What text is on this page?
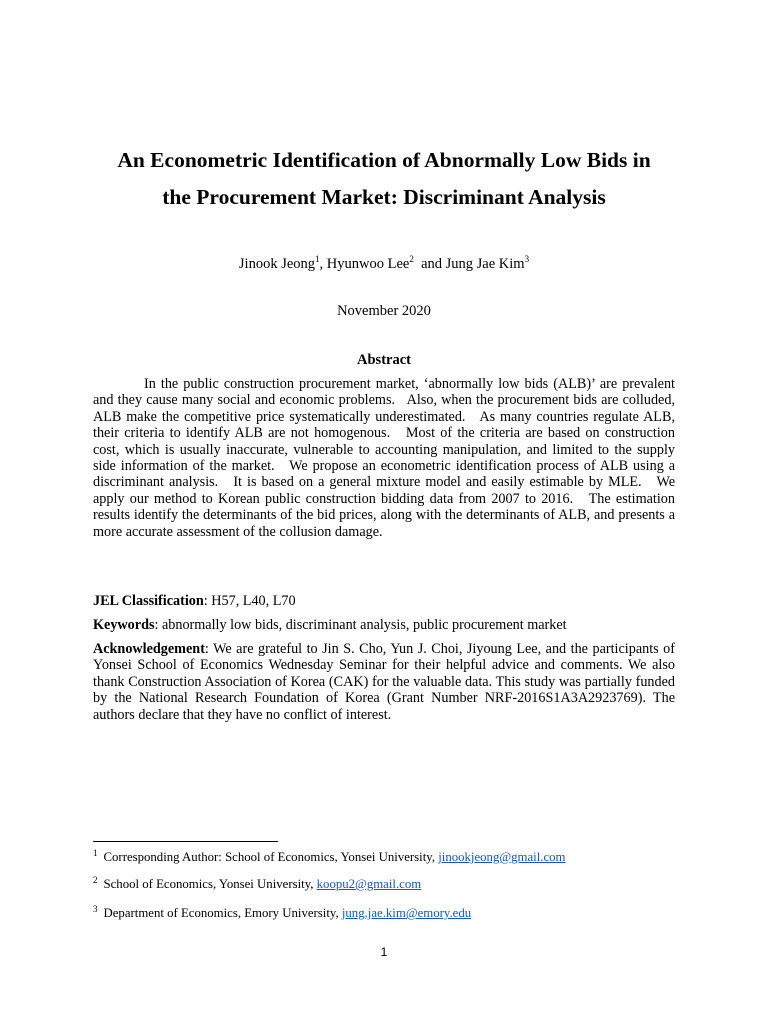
An Econometric Identification of Abnormally Low Bids in
the Procurement Market: Discriminant Analysis
Jinook Jeong$^1$, Hyunwoo Lee$^2$  and Jung Jae Kim$^3$
November 2020
Abstract

In the public construction procurement market, ‘abnormally low bids (ALB)’ are prevalent and they cause many social and economic problems.   Also, when the procurement bids are colluded, ALB make the competitive price systematically underestimated.   As many countries regulate ALB, their criteria to identify ALB are not homogenous.   Most of the criteria are based on construction cost, which is usually inaccurate, vulnerable to accounting manipulation, and limited to the supply side information of the market.   We propose an econometric identification process of ALB using a discriminant analysis.   It is based on a general mixture model and easily estimable by MLE.   We apply our method to Korean public construction bidding data from 2007 to 2016.   The estimation results identify the determinants of the bid prices, along with the determinants of ALB, and presents a more accurate assessment of the collusion damage.

JEL Classification: H57, L40, L70

Keywords: abnormally low bids, discriminant analysis, public procurement market

Acknowledgement: We are grateful to Jin S. Cho, Yun J. Choi, Jiyoung Lee, and the participants of Yonsei School of Economics Wednesday Seminar for their helpful advice and comments. We also thank Construction Association of Korea (CAK) for the valuable data. This study was partially funded by the National Research Foundation of Korea (Grant Number NRF-2016S1A3A2923769). The authors declare that they have no conflict of interest.

$^1$ Corresponding Author: School of Economics, Yonsei University, jinookjeong@gmail.com
$^2$ School of Economics, Yonsei University, koopu2@gmail.com
$^3$ Department of Economics, Emory University, jung.jae.kim@emory.edu
1
